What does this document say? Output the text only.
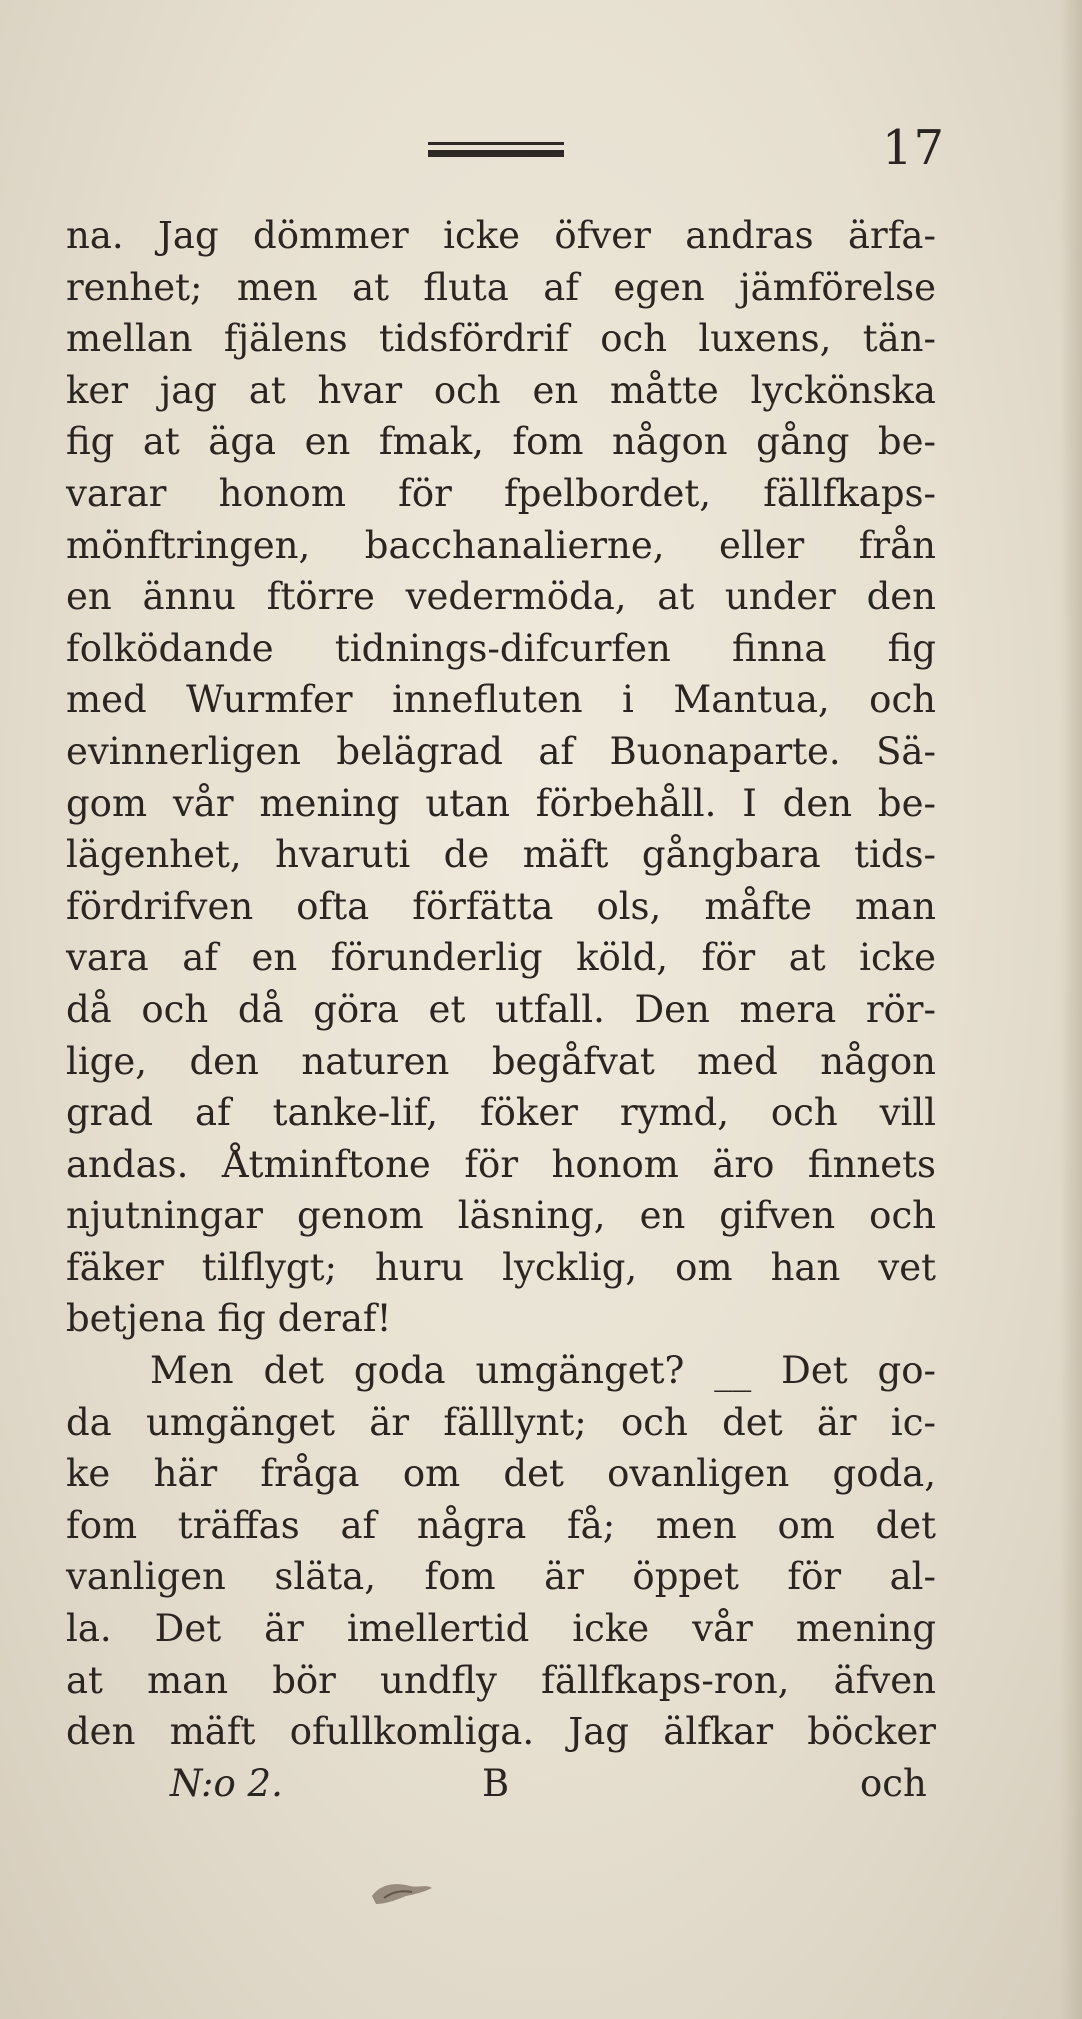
17
na. Jag dömmer icke öfver andras ärfa-
renhet; men at fluta af egen jämförelse
mellan fjälens tidsfördrif och luxens, tän-
ker jag at hvar och en måtte lyckönska
fig at äga en fmak, fom någon gång be-
varar honom för fpelbordet, fällfkaps-
mönftringen, bacchanalierne, eller från
en ännu ftörre vedermöda, at under den
folködande tidnings-difcurfen finna fig
med Wurmfer innefluten i Mantua, och
evinnerligen belägrad af Buonaparte. Sä-
gom vår mening utan förbehåll. I den be-
lägenhet, hvaruti de mäft gångbara tids-
fördrifven ofta förfätta ols, måfte man
vara af en förunderlig köld, för at icke
då och då göra et utfall. Den mera rör-
lige, den naturen begåfvat med någon
grad af tanke-lif, föker rymd, och vill
andas. Åtminftone för honom äro finnets
njutningar genom läsning, en gifven och
fäker tilflygt; huru lycklig, om han vet
betjena fig deraf!
Men det goda umgänget? __ Det go-
da umgänget är fälllynt; och det är ic-
ke här fråga om det ovanligen goda,
fom träffas af några få; men om det
vanligen släta, fom är öppet för al-
la. Det är imellertid icke vår mening
at man bör undfly fällfkaps-ron, äfven
den mäft ofullkomliga. Jag älfkar böcker
N:o 2.	B	och
